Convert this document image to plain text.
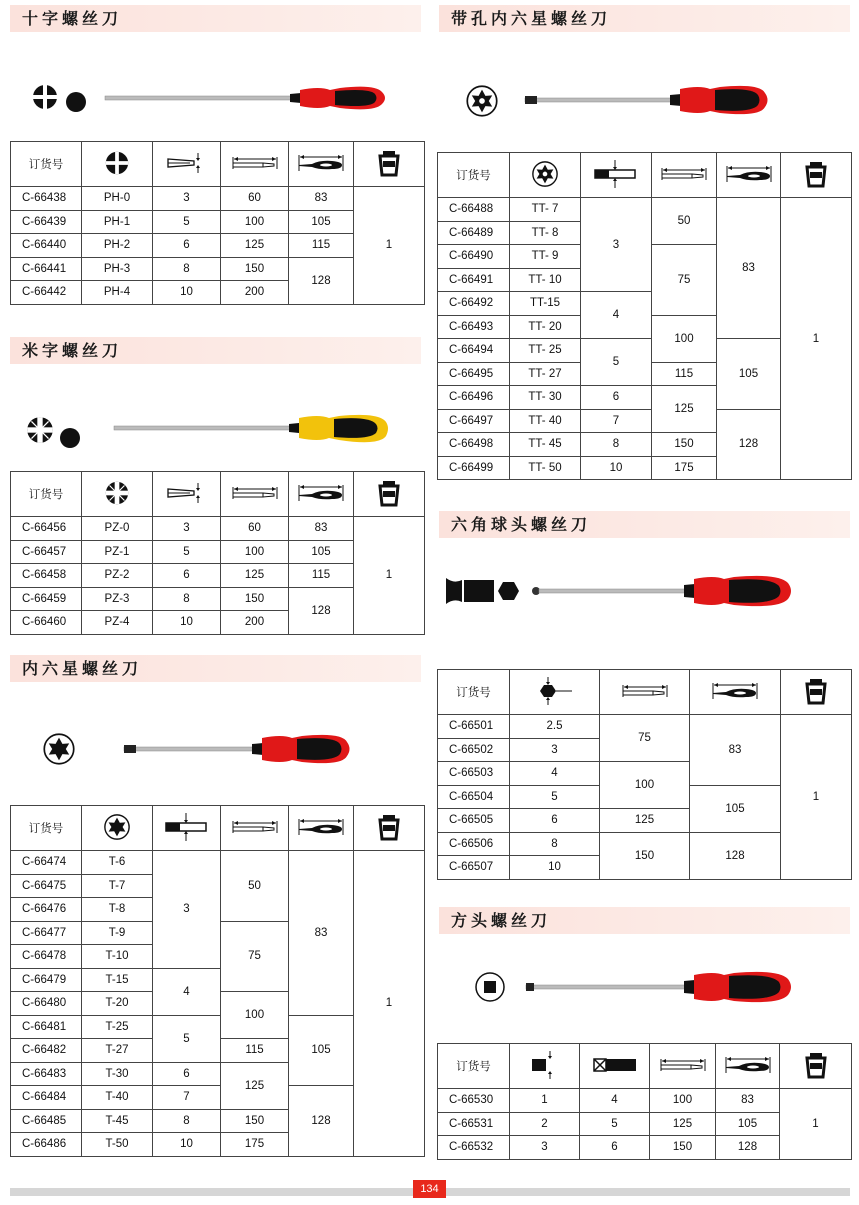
十字螺丝刀
订货号					
C-66438	PH-0	3	60	83	1
C-66439	PH-1	5	100	105	
C-66440	PH-2	6	125	115	
C-66441	PH-3	8	150	128	
C-66442	PH-4	10	200		
米字螺丝刀
订货号					
C-66456	PZ-0	3	60	83	1
C-66457	PZ-1	5	100	105	
C-66458	PZ-2	6	125	115	
C-66459	PZ-3	8	150	128	
C-66460	PZ-4	10	200		
内六星螺丝刀
订货号					
C-66474	T-6	3	50	83	1
C-66475	T-7				
C-66476	T-8				
C-66477	T-9		75		
C-66478	T-10				
C-66479	T-15	4			
C-66480	T-20		100		
C-66481	T-25	5		105	
C-66482	T-27		115		
C-66483	T-30	6	125		
C-66484	T-40	7		128	
C-66485	T-45	8	150		
C-66486	T-50	10	175		
带孔内六星螺丝刀
订货号					
C-66488	TT- 7	3	50	83	1
C-66489	TT- 8				
C-66490	TT- 9		75		
C-66491	TT- 10				
C-66492	TT-15	4			
C-66493	TT- 20		100		
C-66494	TT- 25	5		105	
C-66495	TT- 27		115		
C-66496	TT- 30	6	125		
C-66497	TT- 40	7		128	
C-66498	TT- 45	8	150		
C-66499	TT- 50	10	175		
六角球头螺丝刀
订货号				
C-66501	2.5	75	83	1
C-66502	3			
C-66503	4	100		
C-66504	5		105	
C-66505	6	125		
C-66506	8	150	128	
C-66507	10			
方头螺丝刀
订货号					
C-66530	1	4	100	83	1
C-66531	2	5	125	105	
C-66532	3	6	150	128	
134
